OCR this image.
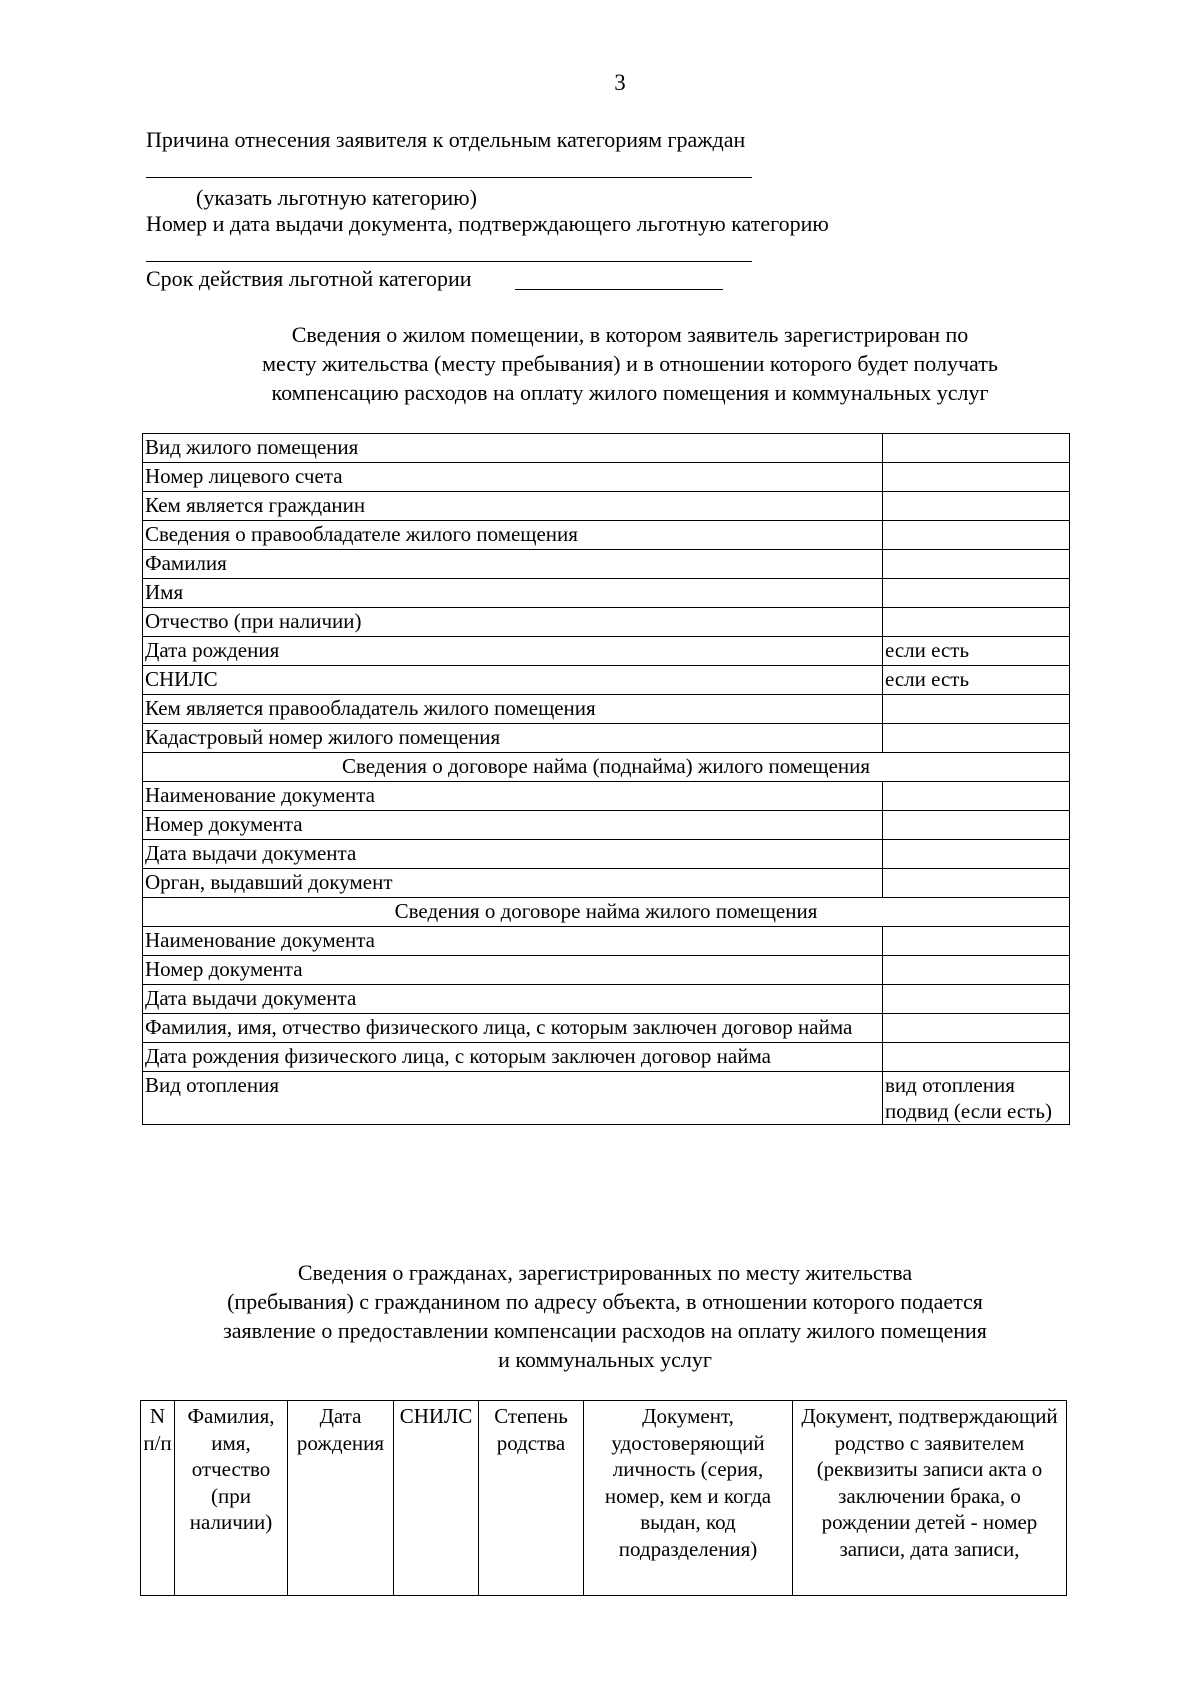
3
Причина отнесения заявителя к отдельным категориям граждан
(указать льготную категорию)
Номер и дата выдачи документа, подтверждающего льготную категорию
Срок действия льготной категории
Сведения о жилом помещении, в котором заявитель зарегистрирован по
месту жительства (месту пребывания) и в отношении которого будет получать
компенсацию расходов на оплату жилого помещения и коммунальных услуг
Вид жилого помещения	
Номер лицевого счета	
Кем является гражданин	
Сведения о правообладателе жилого помещения	
Фамилия	
Имя	
Отчество (при наличии)	
Дата рождения	если есть
СНИЛС	если есть
Кем является правообладатель жилого помещения	
Кадастровый номер жилого помещения	
Сведения о договоре найма (поднайма) жилого помещения	
Наименование документа	
Номер документа	
Дата выдачи документа	
Орган, выдавший документ	
Сведения о договоре найма жилого помещения	
Наименование документа	
Номер документа	
Дата выдачи документа	
Фамилия, имя, отчество физического лица, с которым заключен договор найма	
Дата рождения физического лица, с которым заключен договор найма	
Вид отопления	вид отопления подвид (если есть)
Сведения о гражданах, зарегистрированных по месту жительства
(пребывания) с гражданином по адресу объекта, в отношении которого подается
заявление о предоставлении компенсации расходов на оплату жилого помещения
и коммунальных услуг
N п/п	Фамилия, имя, отчество (при наличии)	Дата рождения	СНИЛС	Степень родства	Документ, удостоверяющий личность (серия, номер, кем и когда выдан, код подразделения)	Документ, подтверждающий родство с заявителем (реквизиты записи акта о заключении брака, о рождении детей - номер записи, дата записи,
